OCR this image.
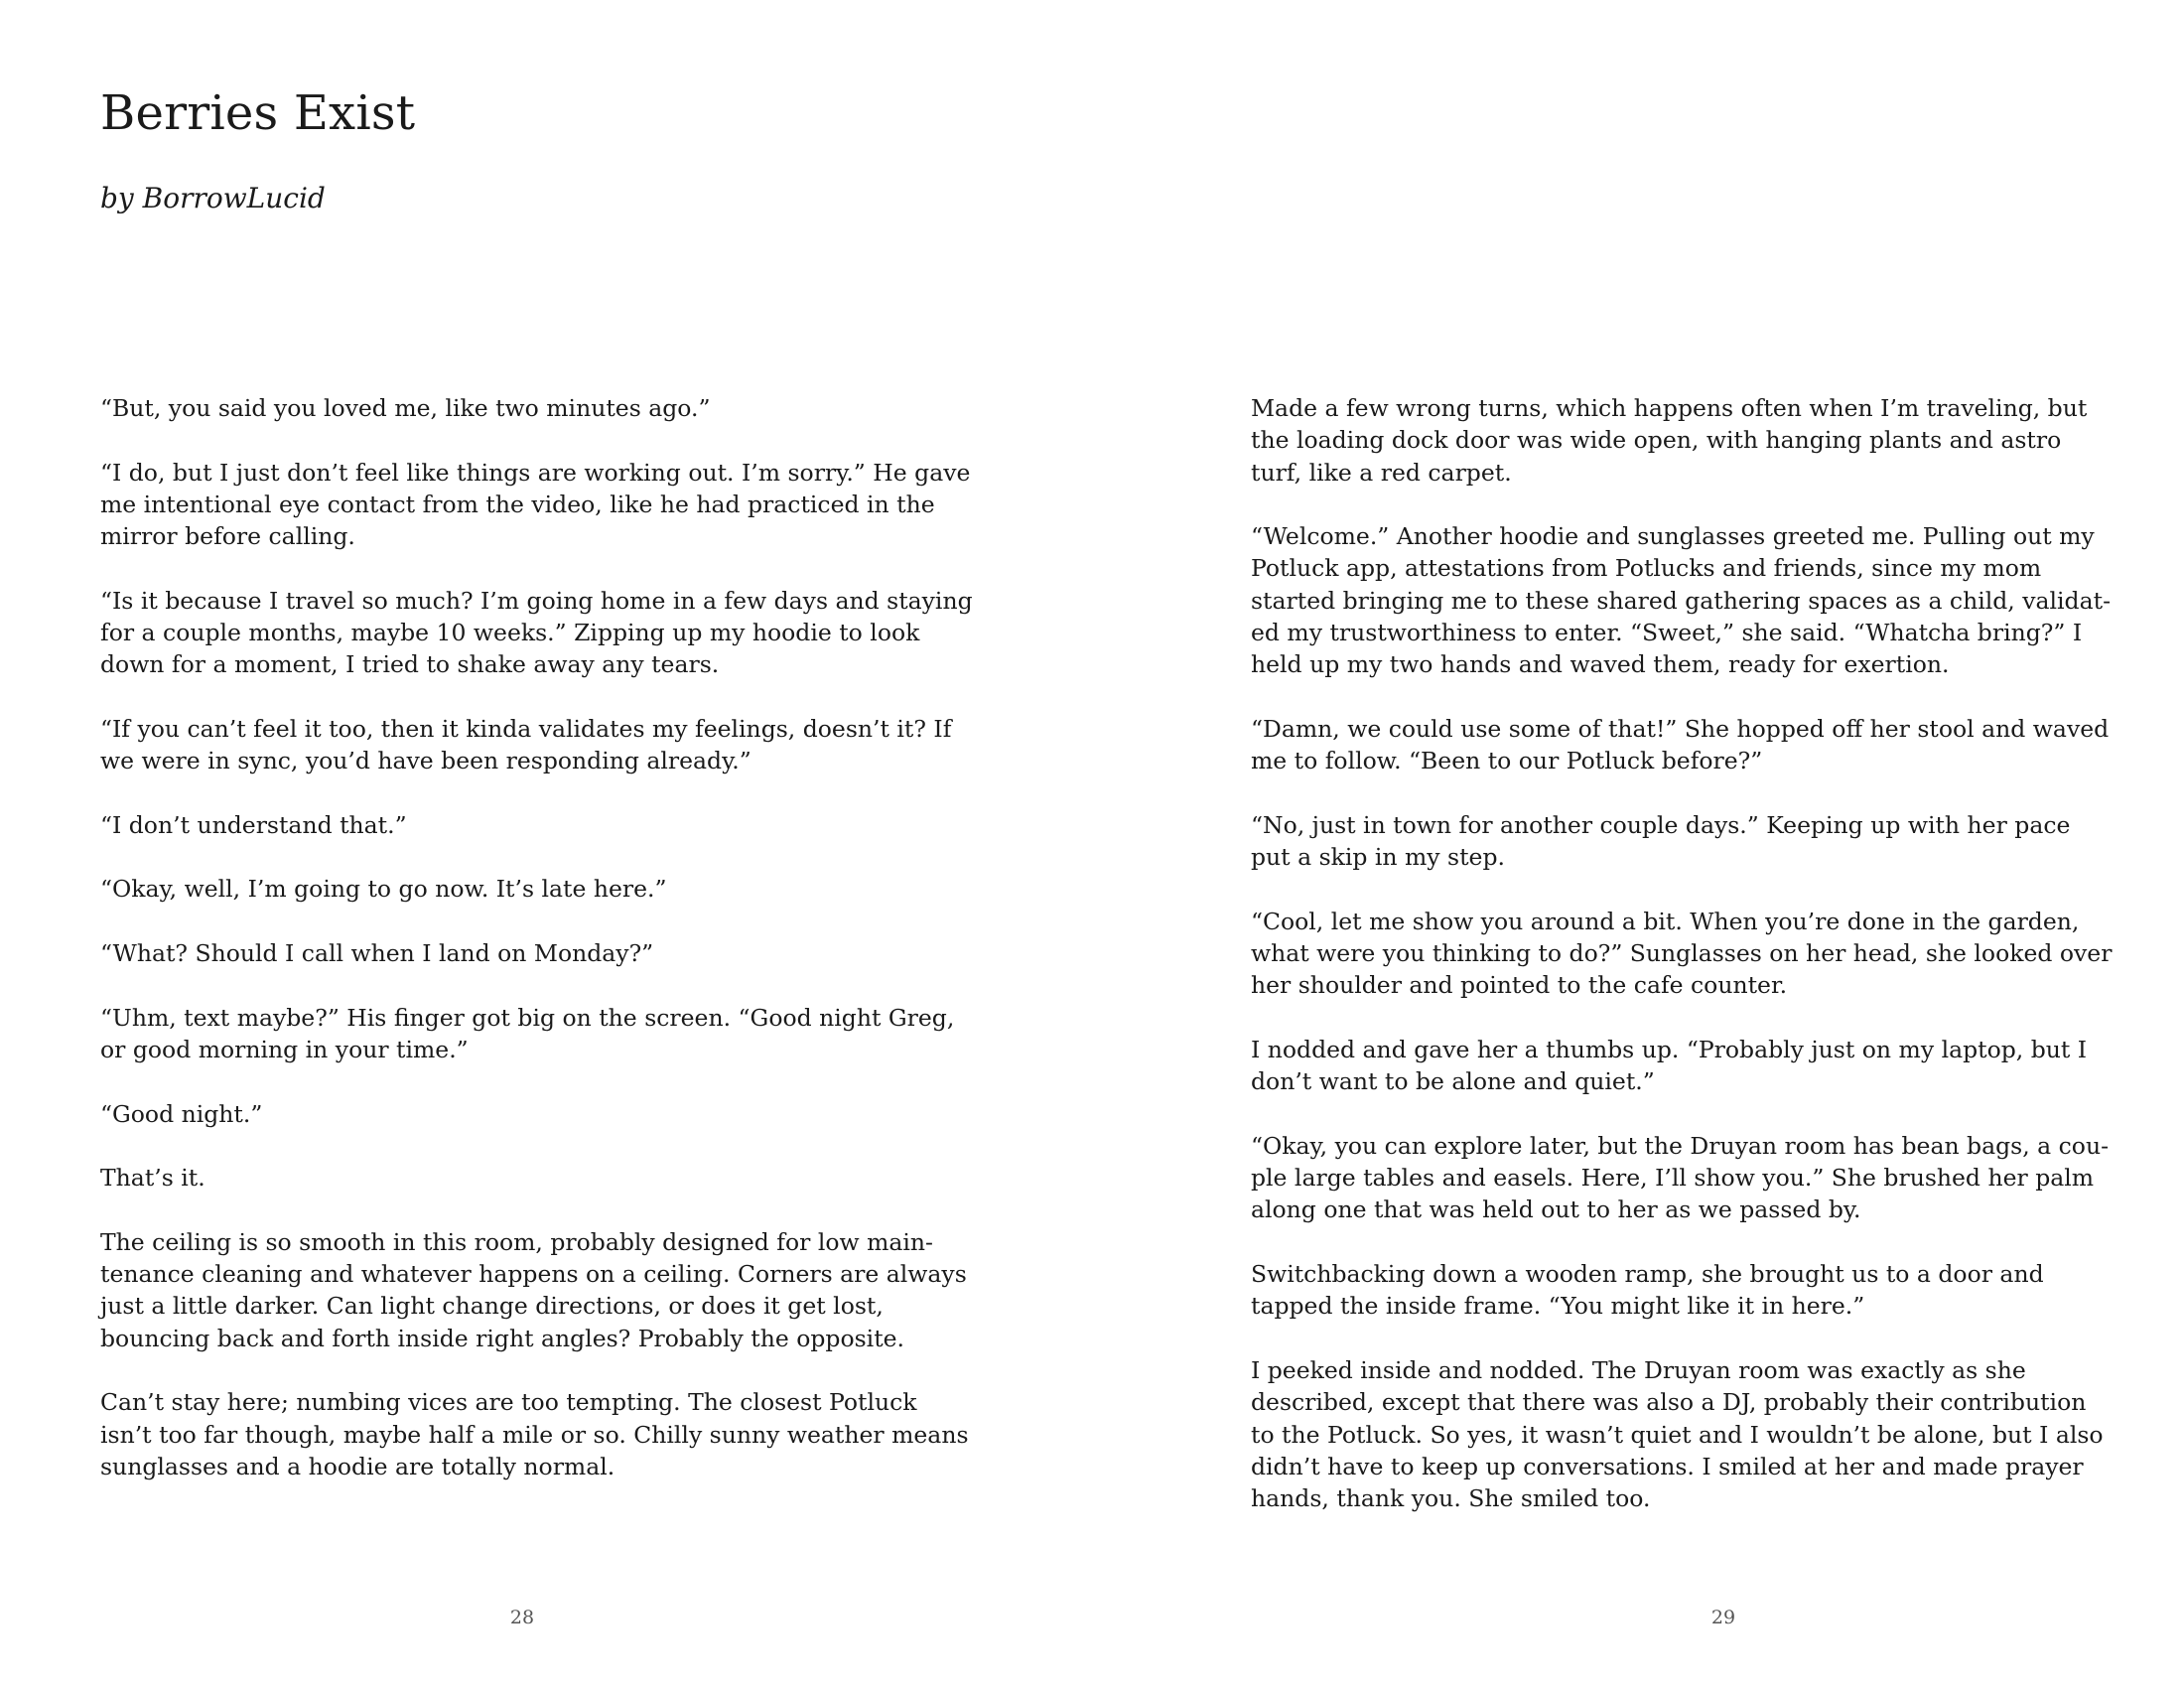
Berries Exist

by BorrowLucid

“But, you said you loved me, like two minutes ago.”

“I do, but I just don’t feel like things are working out. I’m sorry.” He gave me intentional eye contact from the video, like he had practiced in the mirror before calling.

“Is it because I travel so much? I’m going home in a few days and staying for a couple months, maybe 10 weeks.” Zipping up my hoodie to look down for a moment, I tried to shake away any tears.

“If you can’t feel it too, then it kinda validates my feelings, doesn’t it? If we were in sync, you’d have been responding already.”

“I don’t understand that.”

“Okay, well, I’m going to go now. It’s late here.”

“What? Should I call when I land on Monday?”

“Uhm, text maybe?” His finger got big on the screen. “Good night Greg, or good morning in your time.”

“Good night.”

That’s it.

The ceiling is so smooth in this room, probably designed for low maintenance cleaning and whatever happens on a ceiling. Corners are always just a little darker. Can light change directions, or does it get lost, bouncing back and forth inside right angles? Probably the opposite.

Can’t stay here; numbing vices are too tempting. The closest Potluck isn’t too far though, maybe half a mile or so. Chilly sunny weather means sunglasses and a hoodie are totally normal.

28

Made a few wrong turns, which happens often when I’m traveling, but the loading dock door was wide open, with hanging plants and astro turf, like a red carpet.

“Welcome.” Another hoodie and sunglasses greeted me. Pulling out my Potluck app, attestations from Potlucks and friends, since my mom started bringing me to these shared gathering spaces as a child, validated my trustworthiness to enter. “Sweet,” she said. “Whatcha bring?” I held up my two hands and waved them, ready for exertion.

“Damn, we could use some of that!” She hopped off her stool and waved me to follow. “Been to our Potluck before?”

“No, just in town for another couple days.” Keeping up with her pace put a skip in my step.

“Cool, let me show you around a bit. When you’re done in the garden, what were you thinking to do?” Sunglasses on her head, she looked over her shoulder and pointed to the cafe counter.

I nodded and gave her a thumbs up. “Probably just on my laptop, but I don’t want to be alone and quiet.”

“Okay, you can explore later, but the Druyan room has bean bags, a couple large tables and easels. Here, I’ll show you.” She brushed her palm along one that was held out to her as we passed by.

Switchbacking down a wooden ramp, she brought us to a door and tapped the inside frame. “You might like it in here.”

I peeked inside and nodded. The Druyan room was exactly as she described, except that there was also a DJ, probably their contribution to the Potluck. So yes, it wasn’t quiet and I wouldn’t be alone, but I also didn’t have to keep up conversations. I smiled at her and made prayer hands, thank you. She smiled too.

29
